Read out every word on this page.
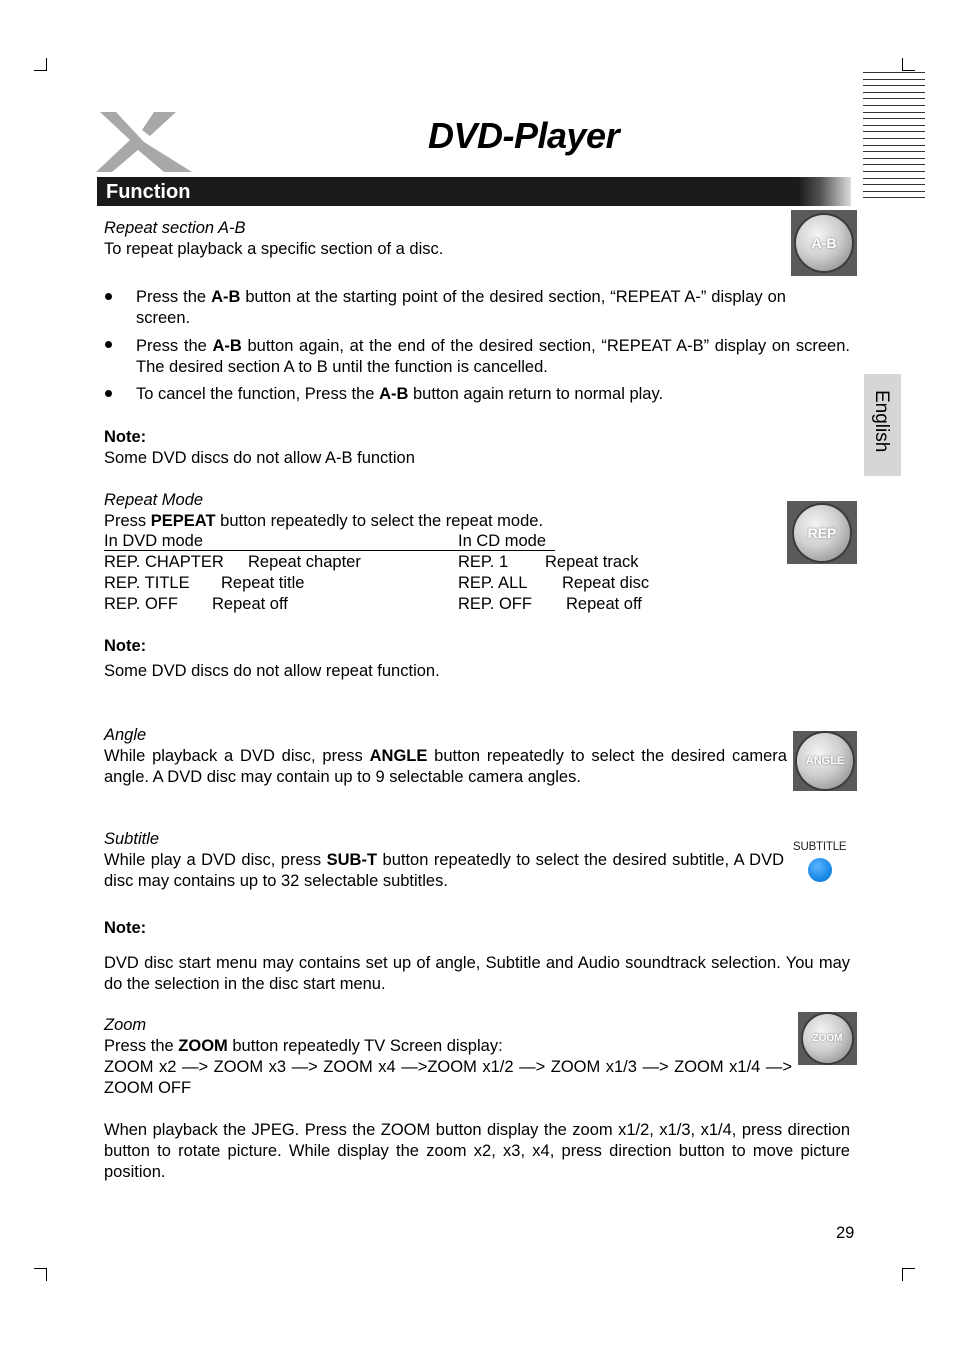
DVD-Player
Function
English
Repeat section A-B
To repeat playback a specific section of a disc.	A-B
Press the A-B button at the starting point of the desired section, “REPEAT A-” display on screen.
Press the A-B button again, at the end of the desired section, “REPEAT A-B” display on screen. The desired section A to B until the function is cancelled.
To cancel the function, Press the A-B button again return to normal play.
Note:
Some DVD discs do not allow A-B function
Repeat Mode
Press PEPEAT button repeatedly to select the repeat mode.
REP
In DVD mode	In CD mode
REP. CHAPTER Repeat chapter
REP. TITLE Repeat title
REP. OFF Repeat off
REP. 1 Repeat track
REP. ALL Repeat disc
REP. OFF Repeat off
Note:
Some DVD discs do not allow repeat function.
Angle
While playback a DVD disc, press ANGLE button repeatedly to select the desired camera angle. A DVD disc may contain up to 9 selectable camera angles.
ANGLE
Subtitle
While play a DVD disc, press SUB-T button repeatedly to select the desired subtitle, A DVD disc may contains up to 32 selectable subtitles.
SUBTITLE
Note:
DVD disc start menu may contains set up of angle, Subtitle and Audio soundtrack selection. You may do the selection in the disc start menu.
Zoom
Press the ZOOM button repeatedly TV Screen display:
ZOOM x2 —> ZOOM x3 —> ZOOM x4 —>ZOOM x1/2 —> ZOOM x1/3 —> ZOOM x1/4 —> ZOOM OFF
ZOOM
When playback the JPEG. Press the ZOOM button display the zoom x1/2, x1/3, x1/4, press direction button to rotate picture. While display the zoom x2, x3, x4, press direction button to move picture position.
29
